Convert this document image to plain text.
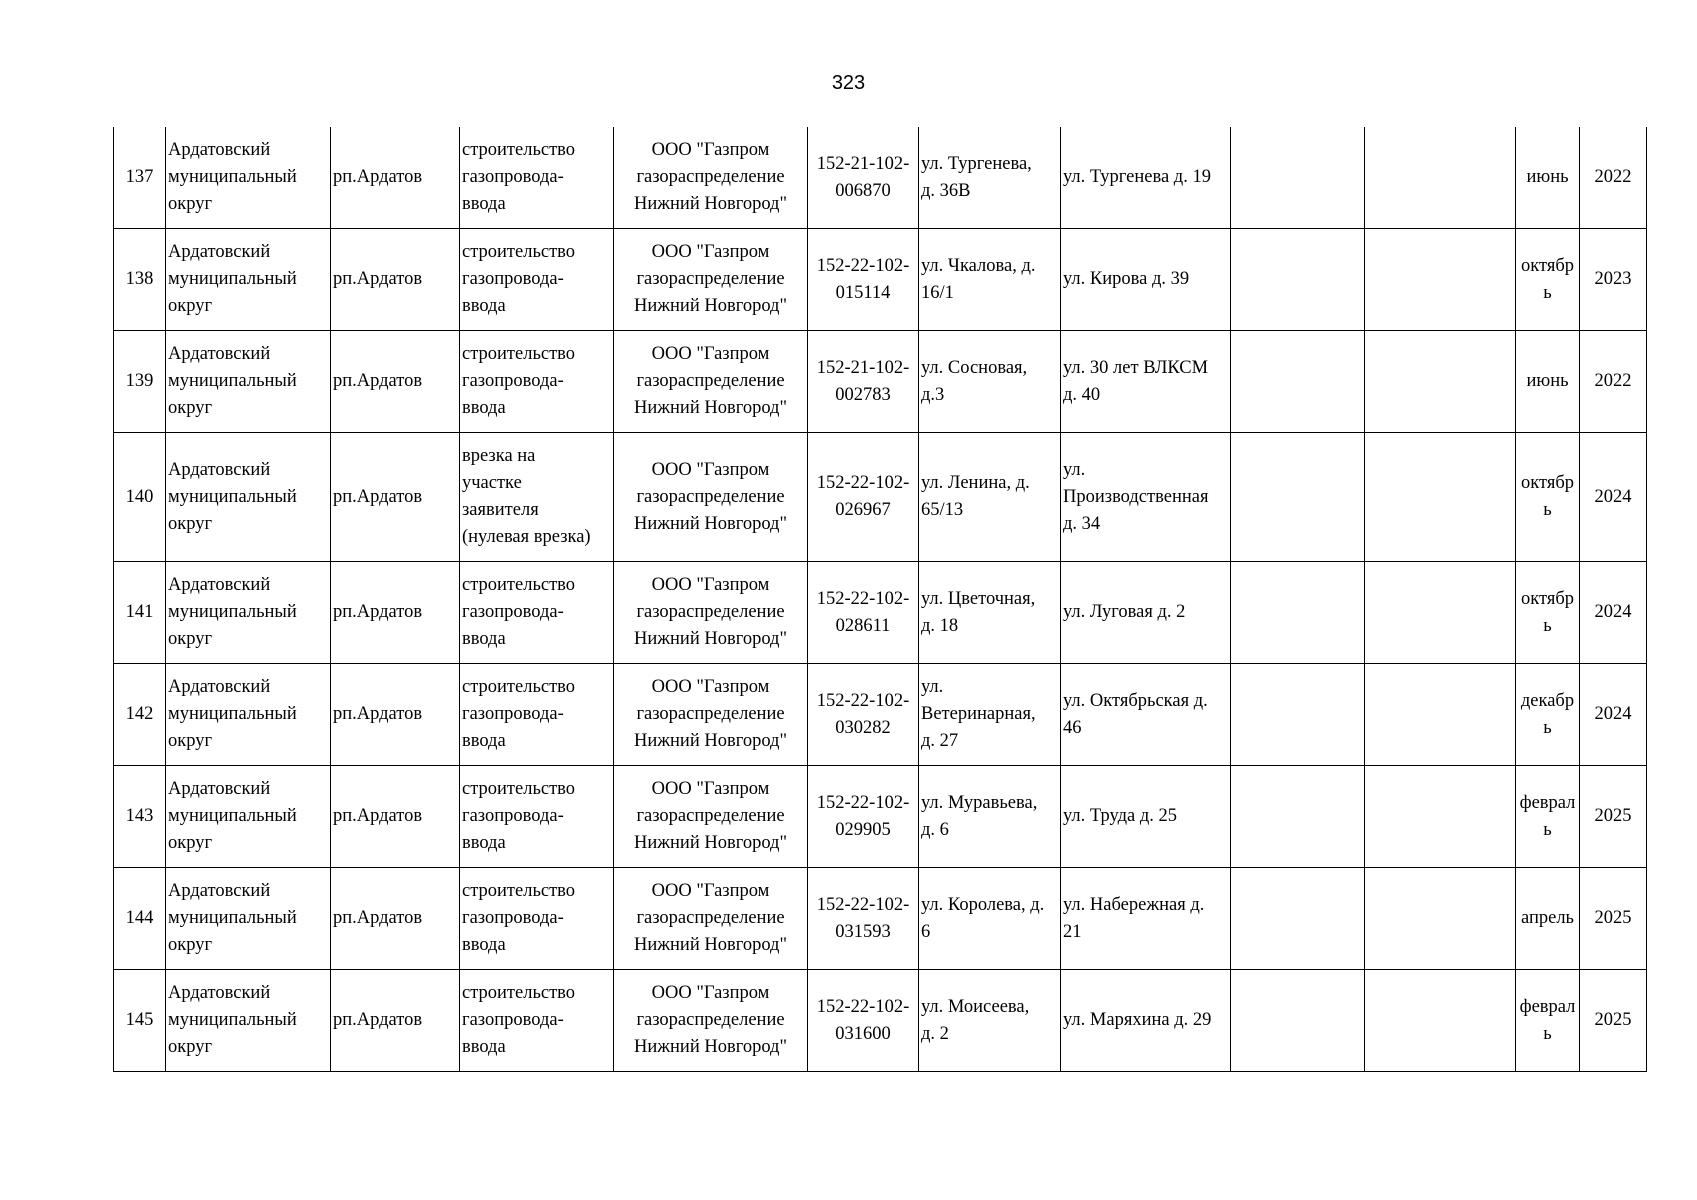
323
137	Ардатовский
муниципальный
округ	рп.Ардатов	строительство
газопровода-
ввода	ООО "Газпром
газораспределение
Нижний Новгород"	152-21-102-
006870	ул. Тургенева,
д. 36В	ул. Тургенева д. 19			июнь	2022
138	Ардатовский
муниципальный
округ	рп.Ардатов	строительство
газопровода-
ввода	ООО "Газпром
газораспределение
Нижний Новгород"	152-22-102-
015114	ул. Чкалова, д.
16/1	ул. Кирова д. 39			октябр
ь	2023
139	Ардатовский
муниципальный
округ	рп.Ардатов	строительство
газопровода-
ввода	ООО "Газпром
газораспределение
Нижний Новгород"	152-21-102-
002783	ул. Сосновая,
д.3	ул. 30 лет ВЛКСМ
д. 40			июнь	2022
140	Ардатовский
муниципальный
округ	рп.Ардатов	врезка на
участке
заявителя
(нулевая врезка)	ООО "Газпром
газораспределение
Нижний Новгород"	152-22-102-
026967	ул. Ленина, д.
65/13	ул.
Производственная
д. 34			октябр
ь	2024
141	Ардатовский
муниципальный
округ	рп.Ардатов	строительство
газопровода-
ввода	ООО "Газпром
газораспределение
Нижний Новгород"	152-22-102-
028611	ул. Цветочная,
д. 18	ул. Луговая д. 2			октябр
ь	2024
142	Ардатовский
муниципальный
округ	рп.Ардатов	строительство
газопровода-
ввода	ООО "Газпром
газораспределение
Нижний Новгород"	152-22-102-
030282	ул.
Ветеринарная,
д. 27	ул. Октябрьская д.
46			декабр
ь	2024
143	Ардатовский
муниципальный
округ	рп.Ардатов	строительство
газопровода-
ввода	ООО "Газпром
газораспределение
Нижний Новгород"	152-22-102-
029905	ул. Муравьева,
д. 6	ул. Труда д. 25			феврал
ь	2025
144	Ардатовский
муниципальный
округ	рп.Ардатов	строительство
газопровода-
ввода	ООО "Газпром
газораспределение
Нижний Новгород"	152-22-102-
031593	ул. Королева, д.
6	ул. Набережная д.
21			апрель	2025
145	Ардатовский
муниципальный
округ	рп.Ардатов	строительство
газопровода-
ввода	ООО "Газпром
газораспределение
Нижний Новгород"	152-22-102-
031600	ул. Моисеева,
д. 2	ул. Маряхина д. 29			феврал
ь	2025
